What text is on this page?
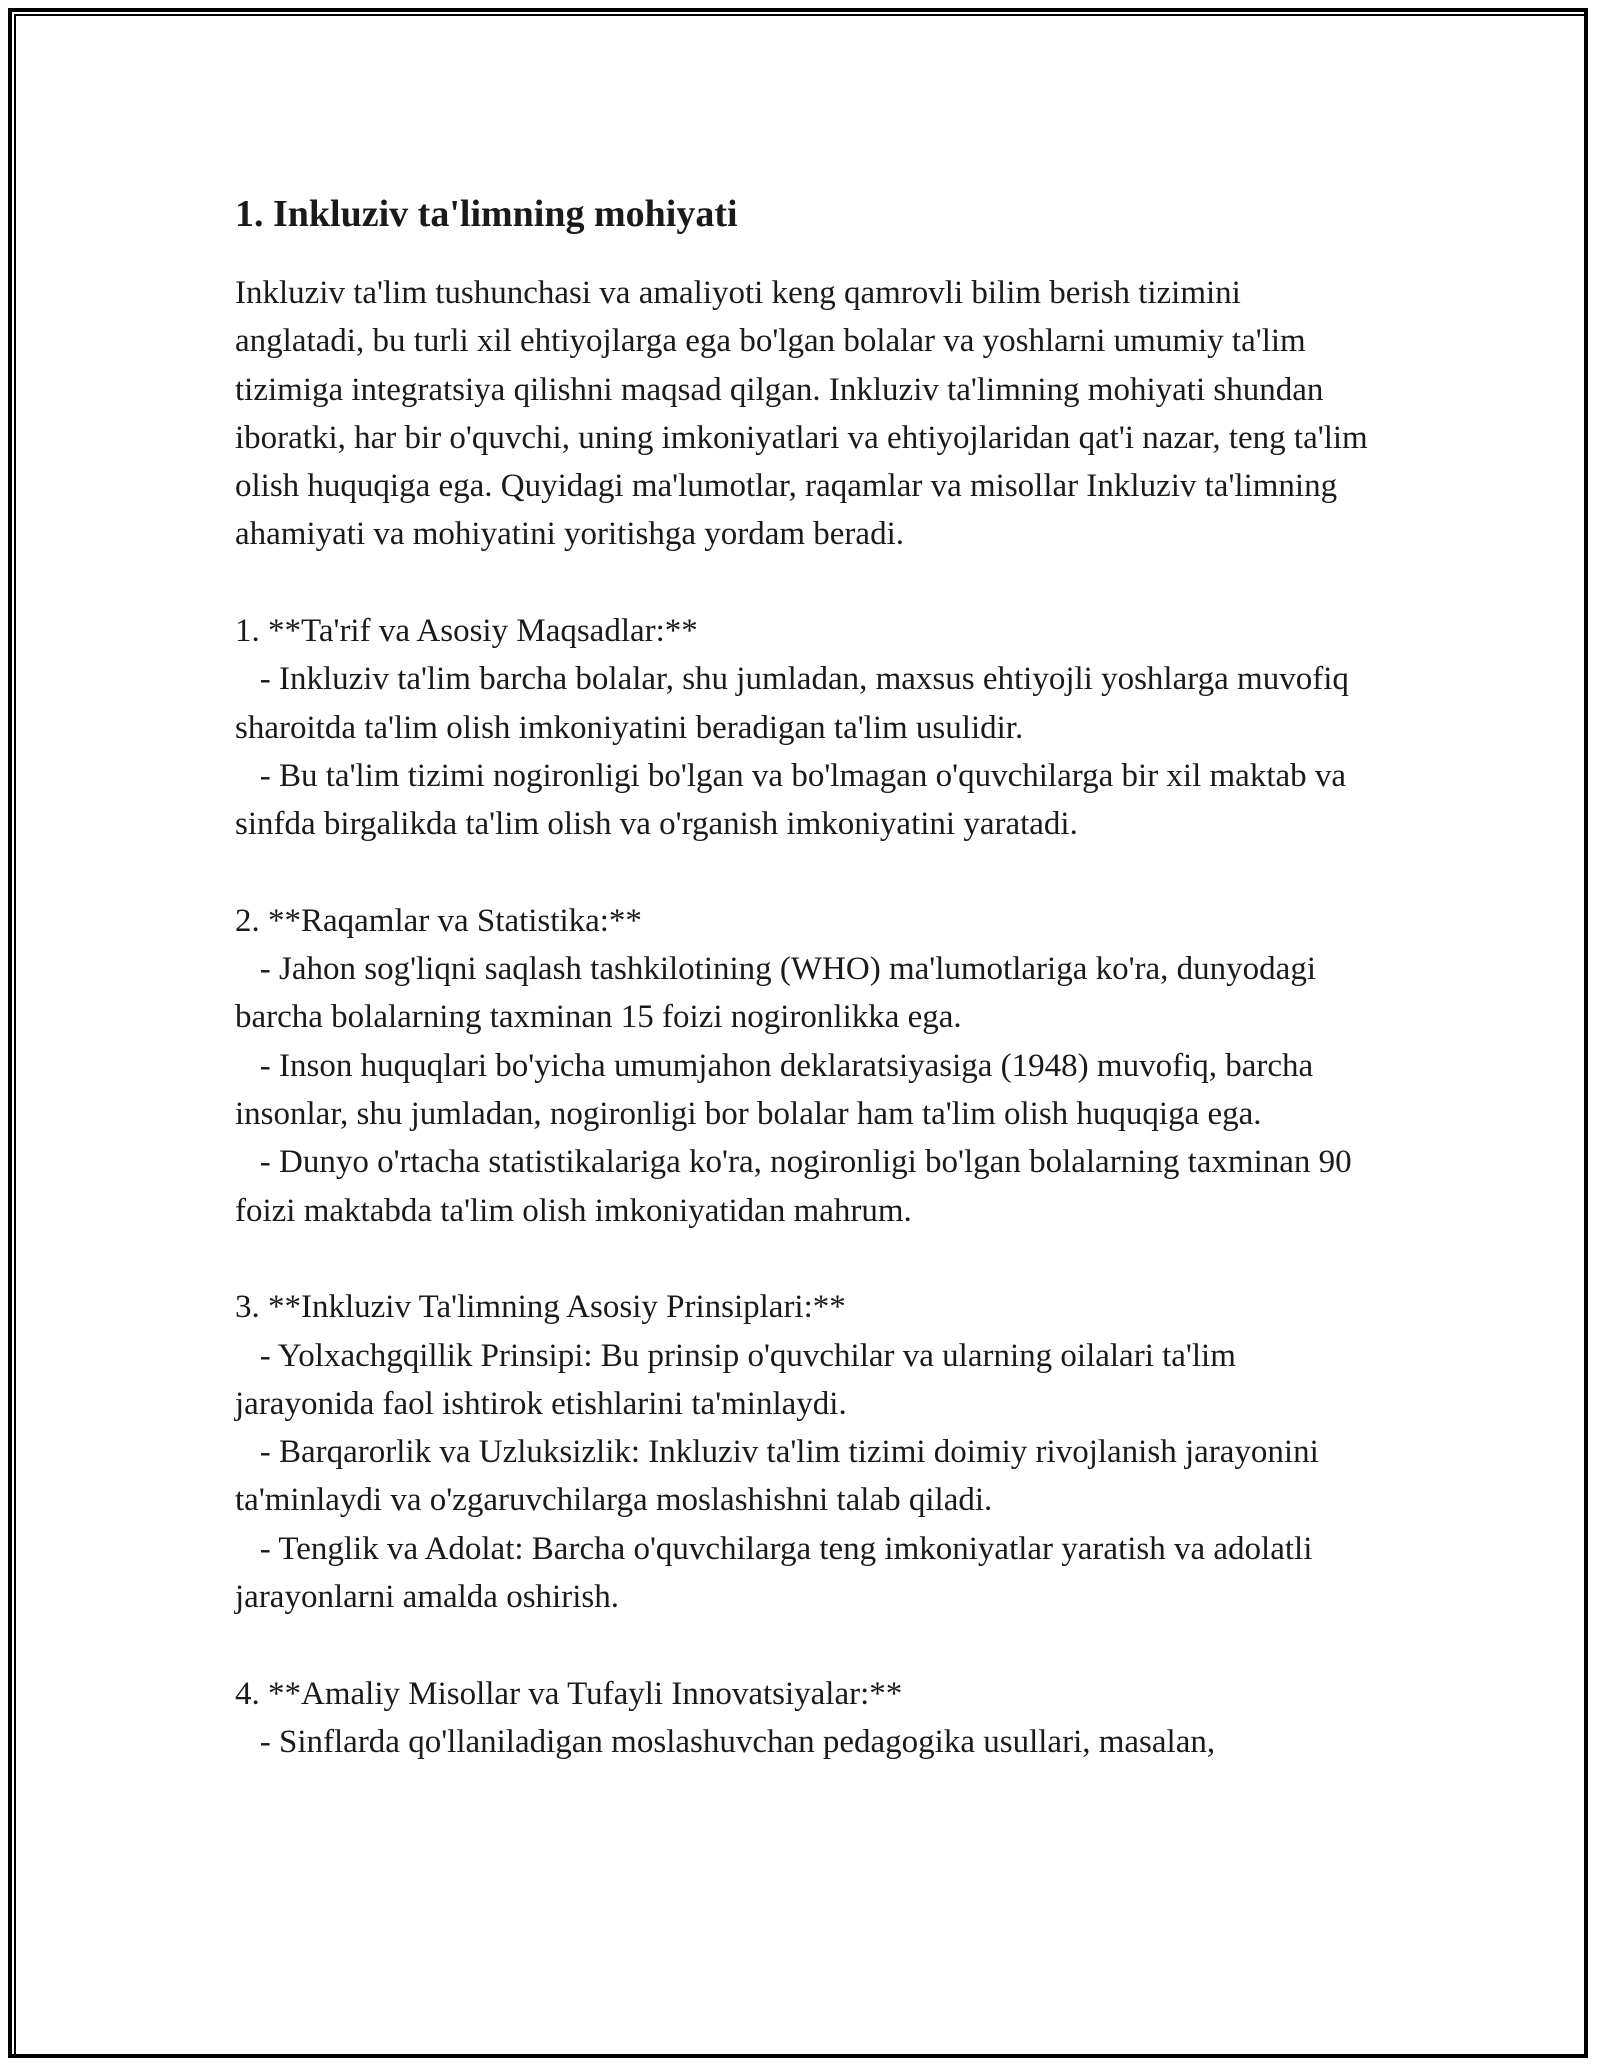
1. Inkluziv ta'limning mohiyati

Inkluziv ta'lim tushunchasi va amaliyoti keng qamrovli bilim berish tizimini anglatadi, bu turli xil ehtiyojlarga ega bo'lgan bolalar va yoshlarni umumiy ta'lim tizimiga integratsiya qilishni maqsad qilgan. Inkluziv ta'limning mohiyati shundan iboratki, har bir o'quvchi, uning imkoniyatlari va ehtiyojlaridan qat'i nazar, teng ta'lim olish huquqiga ega. Quyidagi ma'lumotlar, raqamlar va misollar Inkluziv ta'limning ahamiyati va mohiyatini yoritishga yordam beradi.

1. **Ta'rif va Asosiy Maqsadlar:**

- Inkluziv ta'lim barcha bolalar, shu jumladan, maxsus ehtiyojli yoshlarga muvofiq sharoitda ta'lim olish imkoniyatini beradigan ta'lim usulidir.

- Bu ta'lim tizimi nogironligi bo'lgan va bo'lmagan o'quvchilarga bir xil maktab va sinfda birgalikda ta'lim olish va o'rganish imkoniyatini yaratadi.

2. **Raqamlar va Statistika:**

- Jahon sog'liqni saqlash tashkilotining (WHO) ma'lumotlariga ko'ra, dunyodagi barcha bolalarning taxminan 15 foizi nogironlikka ega.

- Inson huquqlari bo'yicha umumjahon deklaratsiyasiga (1948) muvofiq, barcha insonlar, shu jumladan, nogironligi bor bolalar ham ta'lim olish huquqiga ega.

- Dunyo o'rtacha statistikalariga ko'ra, nogironligi bo'lgan bolalarning taxminan 90 foizi maktabda ta'lim olish imkoniyatidan mahrum.

3. **Inkluziv Ta'limning Asosiy Prinsiplari:**

- Yolxachgqillik Prinsipi: Bu prinsip o'quvchilar va ularning oilalari ta'lim jarayonida faol ishtirok etishlarini ta'minlaydi.

- Barqarorlik va Uzluksizlik: Inkluziv ta'lim tizimi doimiy rivojlanish jarayonini ta'minlaydi va o'zgaruvchilarga moslashishni talab qiladi.

- Tenglik va Adolat: Barcha o'quvchilarga teng imkoniyatlar yaratish va adolatli jarayonlarni amalda oshirish.

4. **Amaliy Misollar va Tufayli Innovatsiyalar:**

- Sinflarda qo'llaniladigan moslashuvchan pedagogika usullari, masalan,
